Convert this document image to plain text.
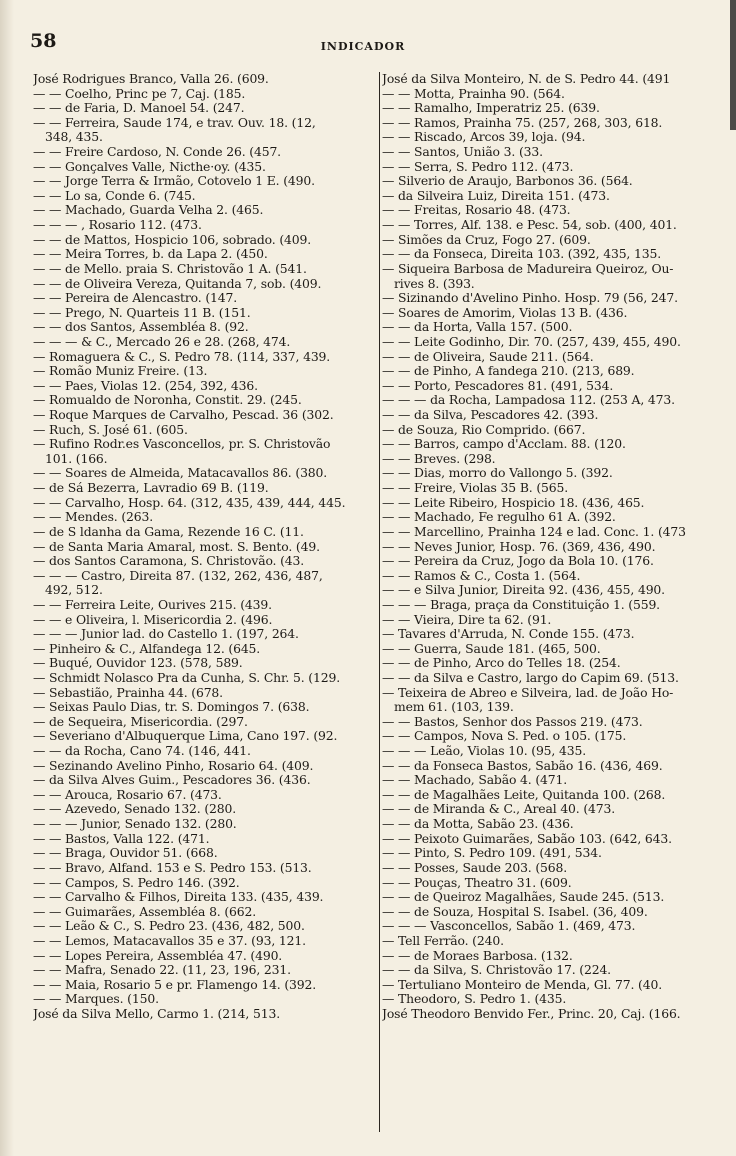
58	INDICADOR
José Rodrigues Branco, Valla 26. (609.
— — Coelho, Princ pe 7, Caj. (185.
— — de Faria, D. Manoel 54. (247.
— — Ferreira, Saude 174, e trav. Ouv. 18. (12,
348, 435.
— — Freire Cardoso, N. Conde 26. (457.
— — Gonçalves Valle, Nicthe·oy. (435.
— — Jorge Terra & Irmão, Cotovelo 1 E. (490.
— — Lo sa, Conde 6. (745.
— — Machado, Guarda Velha 2. (465.
— — — , Rosario 112. (473.
— — de Mattos, Hospicio 106, sobrado. (409.
— — Meira Torres, b. da Lapa 2. (450.
— — de Mello. praia S. Christovão 1 A. (541.
— — de Oliveira Vereza, Quitanda 7, sob. (409.
— — Pereira de Alencastro. (147.
— — Prego, N. Quarteis 11 B. (151.
— — dos Santos, Assembléa 8. (92.
— — — & C., Mercado 26 e 28. (268, 474.
— Romaguera & C., S. Pedro 78. (114, 337, 439.
— Romão Muniz Freire. (13.
— — Paes, Violas 12. (254, 392, 436.
— Romualdo de Noronha, Constit. 29. (245.
— Roque Marques de Carvalho, Pescad. 36 (302.
— Ruch, S. José 61. (605.
— Rufino Rodr.es Vasconcellos, pr. S. Christovão
101. (166.
— — Soares de Almeida, Matacavallos 86. (380.
— de Sá Bezerra, Lavradio 69 B. (119.
— — Carvalho, Hosp. 64. (312, 435, 439, 444, 445.
— — Mendes. (263.
— de S ldanha da Gama, Rezende 16 C. (11.
— de Santa Maria Amaral, most. S. Bento. (49.
— dos Santos Caramona, S. Christovão. (43.
— — — Castro, Direita 87. (132, 262, 436, 487,
492, 512.
— — Ferreira Leite, Ourives 215. (439.
— — e Oliveira, l. Misericordia 2. (496.
— — — Junior lad. do Castello 1. (197, 264.
— Pinheiro & C., Alfandega 12. (645.
— Buqué, Ouvidor 123. (578, 589.
— Schmidt Nolasco Pra da Cunha, S. Chr. 5. (129.
— Sebastião, Prainha 44. (678.
— Seixas Paulo Dias, tr. S. Domingos 7. (638.
— de Sequeira, Misericordia. (297.
— Severiano d'Albuquerque Lima, Cano 197. (92.
— — da Rocha, Cano 74. (146, 441.
— Sezinando Avelino Pinho, Rosario 64. (409.
— da Silva Alves Guim., Pescadores 36. (436.
— — Arouca, Rosario 67. (473.
— — Azevedo, Senado 132. (280.
— — — Junior, Senado 132. (280.
— — Bastos, Valla 122. (471.
— — Braga, Ouvidor 51. (668.
— — Bravo, Alfand. 153 e S. Pedro 153. (513.
— — Campos, S. Pedro 146. (392.
— — Carvalho & Filhos, Direita 133. (435, 439.
— — Guimarães, Assembléa 8. (662.
— — Leão & C., S. Pedro 23. (436, 482, 500.
— — Lemos, Matacavallos 35 e 37. (93, 121.
— — Lopes Pereira, Assembléa 47. (490.
— — Mafra, Senado 22. (11, 23, 196, 231.
— — Maia, Rosario 5 e pr. Flamengo 14. (392.
— — Marques. (150.
José da Silva Mello, Carmo 1. (214, 513.
José da Silva Monteiro, N. de S. Pedro 44. (491
— — Motta, Prainha 90. (564.
— — Ramalho, Imperatriz 25. (639.
— — Ramos, Prainha 75. (257, 268, 303, 618.
— — Riscado, Arcos 39, loja. (94.
— — Santos, União 3. (33.
— — Serra, S. Pedro 112. (473.
— Silverio de Araujo, Barbonos 36. (564.
— da Silveira Luiz, Direita 151. (473.
— — Freitas, Rosario 48. (473.
— — Torres, Alf. 138. e Pesc. 54, sob. (400, 401.
— Simões da Cruz, Fogo 27. (609.
— — da Fonseca, Direita 103. (392, 435, 135.
— Siqueira Barbosa de Madureira Queiroz, Ou-
rives 8. (393.
— Sizinando d'Avelino Pinho. Hosp. 79 (56, 247.
— Soares de Amorim, Violas 13 B. (436.
— — da Horta, Valla 157. (500.
— — Leite Godinho, Dir. 70. (257, 439, 455, 490.
— — de Oliveira, Saude 211. (564.
— — de Pinho, A fandega 210. (213, 689.
— — Porto, Pescadores 81. (491, 534.
— — — da Rocha, Lampadosa 112. (253 A, 473.
— — da Silva, Pescadores 42. (393.
— de Souza, Rio Comprido. (667.
— — Barros, campo d'Acclam. 88. (120.
— — Breves. (298.
— — Dias, morro do Vallongo 5. (392.
— — Freire, Violas 35 B. (565.
— — Leite Ribeiro, Hospicio 18. (436, 465.
— — Machado, Fe regulho 61 A. (392.
— — Marcellino, Prainha 124 e lad. Conc. 1. (473
— — Neves Junior, Hosp. 76. (369, 436, 490.
— — Pereira da Cruz, Jogo da Bola 10. (176.
— — Ramos & C., Costa 1. (564.
— — e Silva Junior, Direita 92. (436, 455, 490.
— — — Braga, praça da Constituição 1. (559.
— — Vieira, Dire ta 62. (91.
— Tavares d'Arruda, N. Conde 155. (473.
— — Guerra, Saude 181. (465, 500.
— — de Pinho, Arco do Telles 18. (254.
— — da Silva e Castro, largo do Capim 69. (513.
— Teixeira de Abreo e Silveira, lad. de João Ho-
mem 61. (103, 139.
— — Bastos, Senhor dos Passos 219. (473.
— — Campos, Nova S. Ped. o 105. (175.
— — — Leão, Violas 10. (95, 435.
— — da Fonseca Bastos, Sabão 16. (436, 469.
— — Machado, Sabão 4. (471.
— — de Magalhães Leite, Quitanda 100. (268.
— — de Miranda & C., Areal 40. (473.
— — da Motta, Sabão 23. (436.
— — Peixoto Guimarães, Sabão 103. (642, 643.
— — Pinto, S. Pedro 109. (491, 534.
— — Posses, Saude 203. (568.
— — Pouças, Theatro 31. (609.
— — de Queiroz Magalhães, Saude 245. (513.
— — de Souza, Hospital S. Isabel. (36, 409.
— — — Vasconcellos, Sabão 1. (469, 473.
— Tell Ferrão. (240.
— — de Moraes Barbosa. (132.
— — da Silva, S. Christovão 17. (224.
— Tertuliano Monteiro de Menda, Gl. 77. (40.
— Theodoro, S. Pedro 1. (435.
José Theodoro Benvido Fer., Princ. 20, Caj. (166.
